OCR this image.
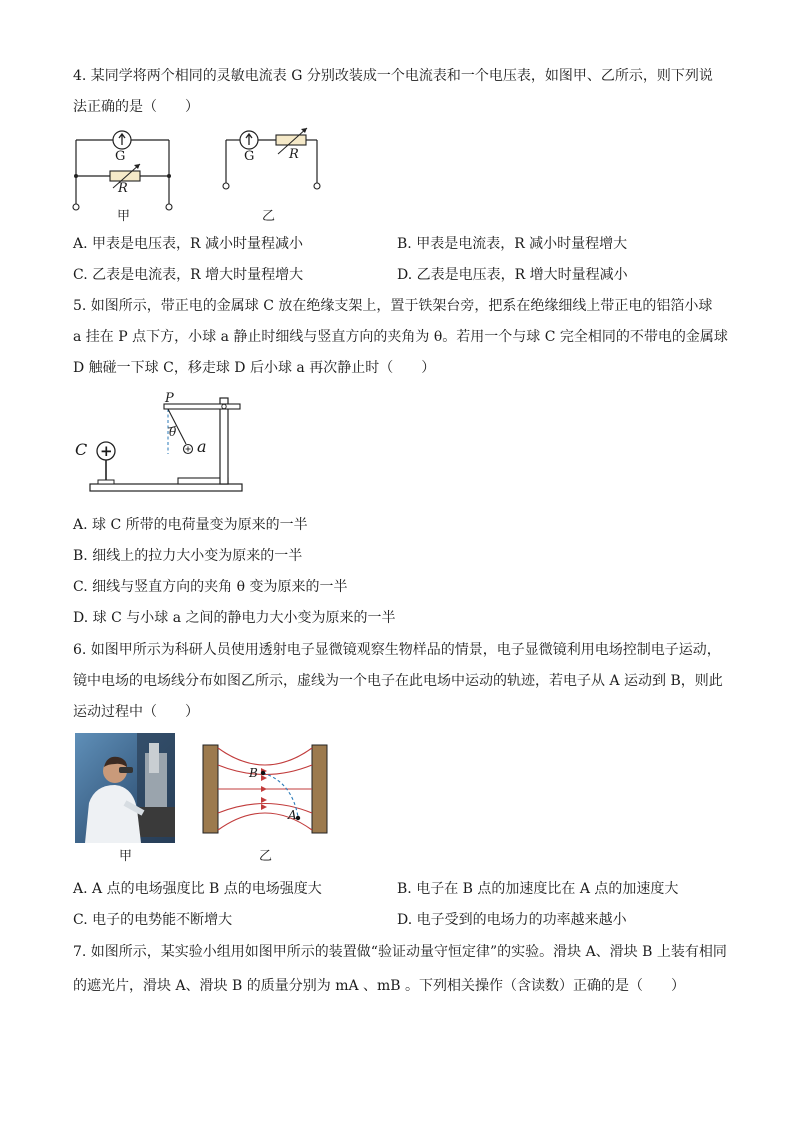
4. 某同学将两个相同的灵敏电流表 G 分别改装成一个电流表和一个电压表，如图甲、乙所示，则下列说
法正确的是（　　）
G
R
甲
G	R
乙
A. 甲表是电压表，R 减小时量程减小	B. 甲表是电流表，R 减小时量程增大
C. 乙表是电流表，R 增大时量程增大	D. 乙表是电压表，R 增大时量程减小
5. 如图所示，带正电的金属球 C 放在绝缘支架上，置于铁架台旁，把系在绝缘细线上带正电的铝箔小球
a 挂在 P 点下方，小球 a 静止时细线与竖直方向的夹角为 θ。若用一个与球 C 完全相同的不带电的金属球
D 触碰一下球 C，移走球 D 后小球 a 再次静止时（　　）
+
C
P
θ
a
A. 球 C 所带的电荷量变为原来的一半
B. 细线上的拉力大小变为原来的一半
C. 细线与竖直方向的夹角 θ 变为原来的一半
D. 球 C 与小球 a 之间的静电力大小变为原来的一半
6. 如图甲所示为科研人员使用透射电子显微镜观察生物样品的情景，电子显微镜利用电场控制电子运动，
镜中电场的电场线分布如图乙所示，虚线为一个电子在此电场中运动的轨迹，若电子从 A 运动到 B，则此
运动过程中（　　）
甲
B
A
乙
A. A 点的电场强度比 B 点的电场强度大	B. 电子在 B 点的加速度比在 A 点的加速度大
C. 电子的电势能不断增大	D. 电子受到的电场力的功率越来越小
7. 如图所示，某实验小组用如图甲所示的装置做“验证动量守恒定律”的实验。滑块 A、滑块 B 上装有相同
的遮光片，滑块 A、滑块 B 的质量分别为 mA 、mB 。下列相关操作（含读数）正确的是（　　）
